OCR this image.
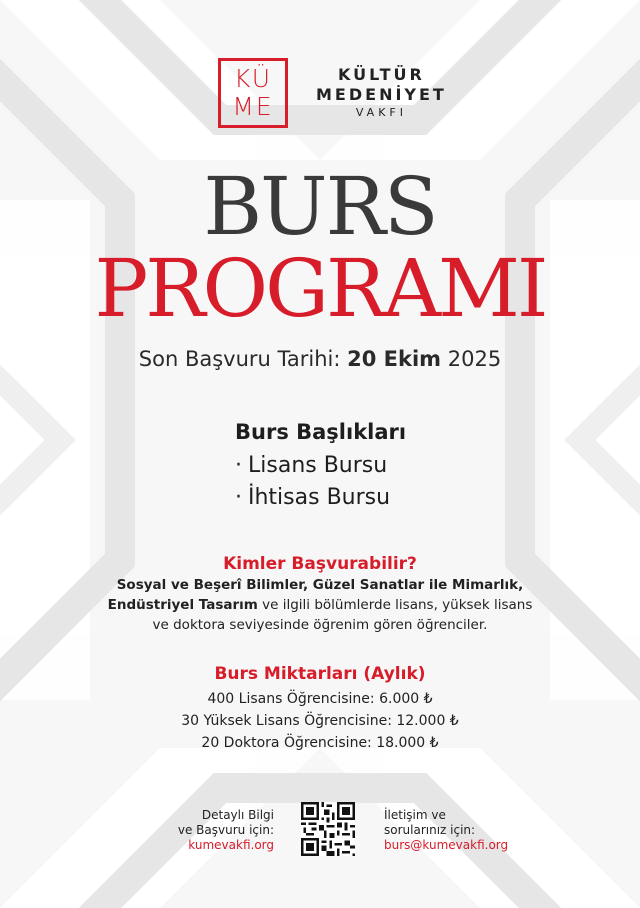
KÜ
ME
KÜLTÜR
MEDENİYET
VAKFI
BURS
PROGRAMI
Son Başvuru Tarihi: 20 Ekim 2025
Burs Başlıkları
· Lisans Bursu
· İhtisas Bursu
Kimler Başvurabilir?
Sosyal ve Beşerî Bilimler, Güzel Sanatlar ile Mimarlık,
Endüstriyel Tasarım ve ilgili bölümlerde lisans, yüksek lisans
ve doktora seviyesinde öğrenim gören öğrenciler.
Burs Miktarları (Aylık)
400 Lisans Öğrencisine: 6.000 ₺
30 Yüksek Lisans Öğrencisine: 12.000 ₺
20 Doktora Öğrencisine: 18.000 ₺
Detaylı Bilgi
ve Başvuru için:
kumevakfi.org
İletişim ve
sorularınız için:
burs@kumevakfi.org
